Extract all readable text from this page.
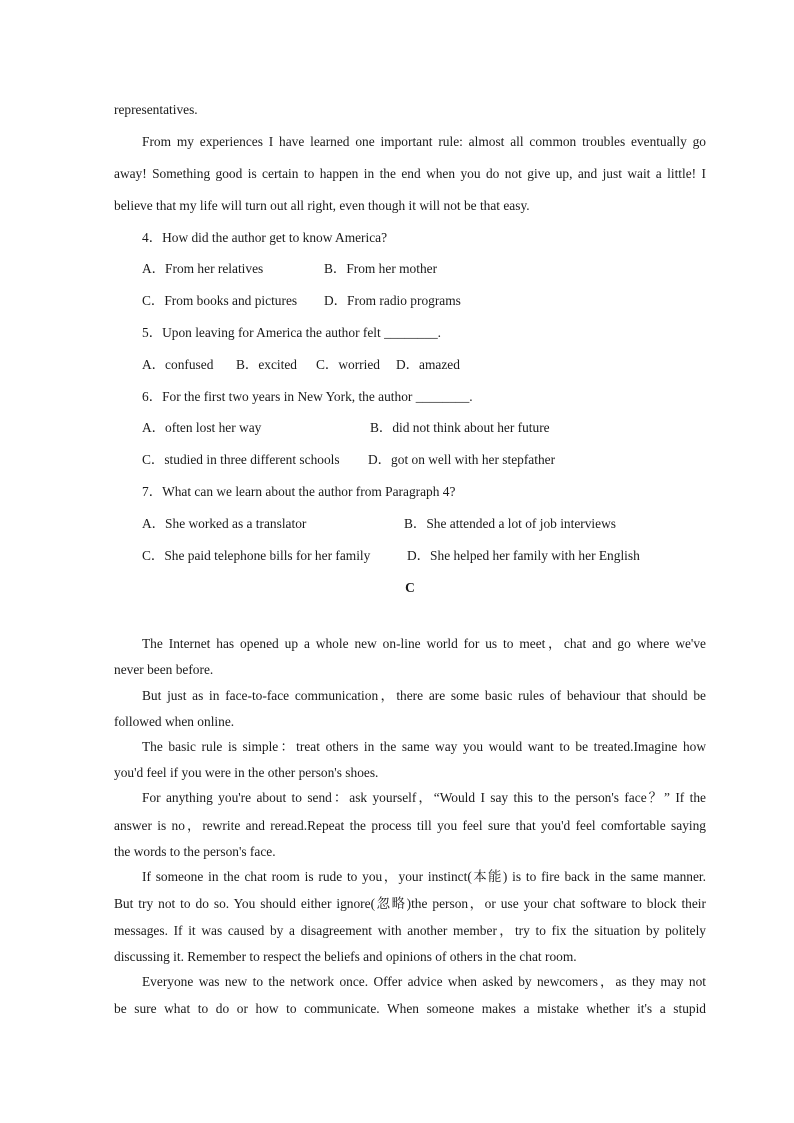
representatives.
From my experiences I have learned one important rule: almost all common troubles eventually go
away! Something good is certain to happen in the end when you do not give up, and just wait a little! I
believe that my life will turn out all right, even though it will not be that easy.
4．How did the author get to know America?
A．From her relatives	B．From her mother
C．From books and pictures D．From radio programs
5．Upon leaving for America the author felt ________.
A．confused B．excited C．worried D．amazed
6．For the first two years in New York, the author ________.
A．often lost her way	B．did not think about her future
C．studied in three different schools D．got on well with her stepfather
7．What can we learn about the author from Paragraph 4?
A．She worked as a translator	B．She attended a lot of job interviews
C．She paid telephone bills for her family	D．She helped her family with her English
C
The Internet has opened up a whole new on-line world for us to meet，chat and go where we've
never been before.
But just as in face-to-face communication，there are some basic rules of behaviour that should be
followed when online.
The basic rule is simple：treat others in the same way you would want to be treated.Imagine how
you'd feel if you were in the other person's shoes.
For anything you're about to send：ask yourself，“Would I say this to the person's face？” If the
answer is no，rewrite and reread.Repeat the process till you feel sure that you'd feel comfortable saying
the words to the person's face.
If someone in the chat room is rude to you，your instinct(本能) is to fire back in the same manner.
But try not to do so. You should either ignore(忽略)the person，or use your chat software to block their
messages. If it was caused by a disagreement with another member，try to fix the situation by politely
discussing it. Remember to respect the beliefs and opinions of others in the chat room.
Everyone was new to the network once. Offer advice when asked by newcomers，as they may not
be sure what to do or how to communicate. When someone makes a mistake whether it's a stupid
